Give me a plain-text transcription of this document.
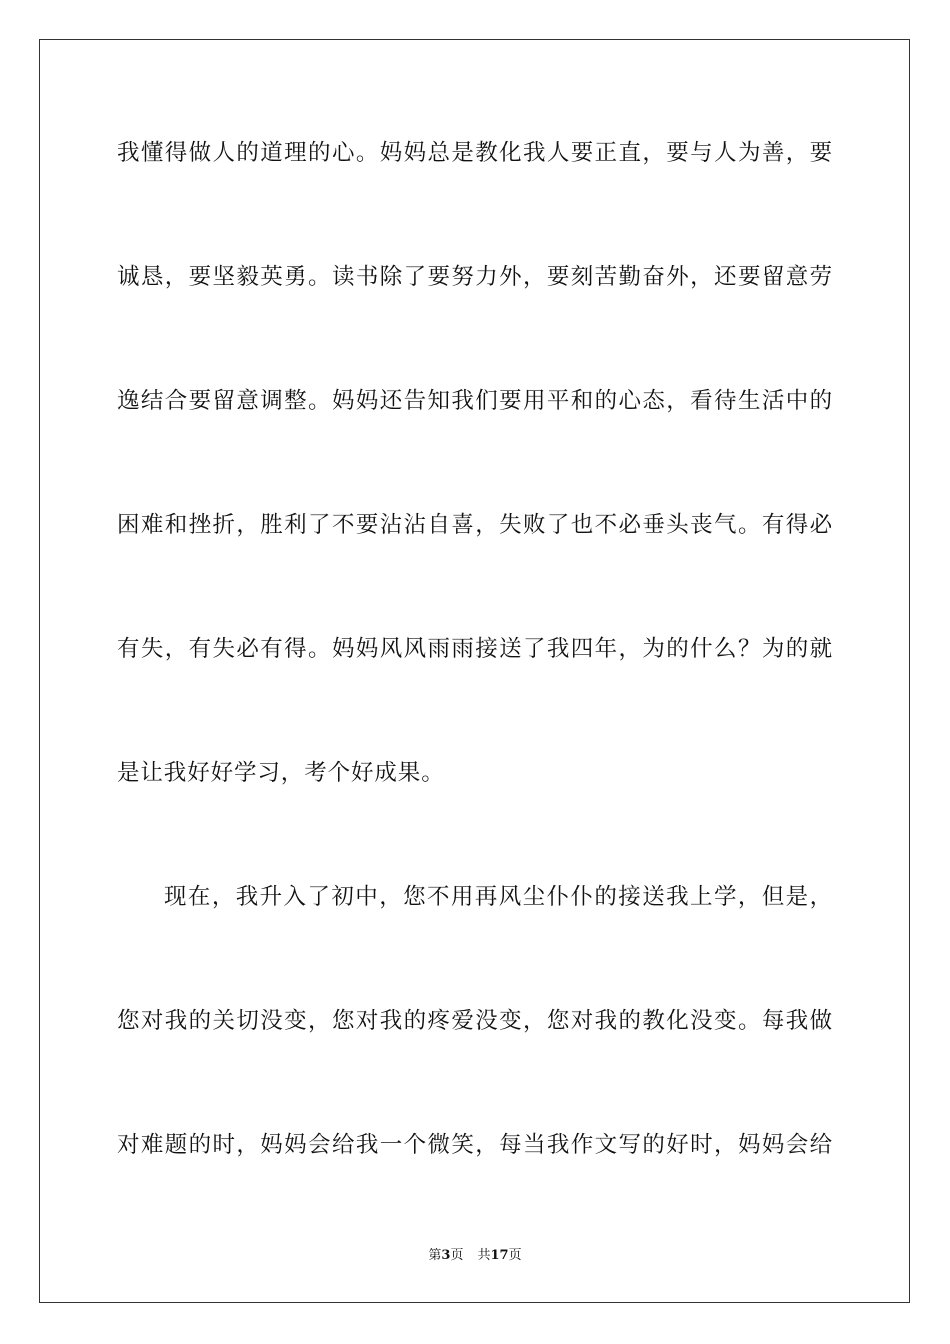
我懂得做人的道理的心。妈妈总是教化我人要正直，要与人为善，要
诚恳，要坚毅英勇。读书除了要努力外，要刻苦勤奋外，还要留意劳
逸结合要留意调整。妈妈还告知我们要用平和的心态，看待生活中的
困难和挫折，胜利了不要沾沾自喜，失败了也不必垂头丧气。有得必
有失，有失必有得。妈妈风风雨雨接送了我四年，为的什么？为的就
是让我好好学习，考个好成果。
现在，我升入了初中，您不用再风尘仆仆的接送我上学，但是，
您对我的关切没变，您对我的疼爱没变，您对我的教化没变。每我做
对难题的时，妈妈会给我一个微笑，每当我作文写的好时，妈妈会给
第3页 共17页
